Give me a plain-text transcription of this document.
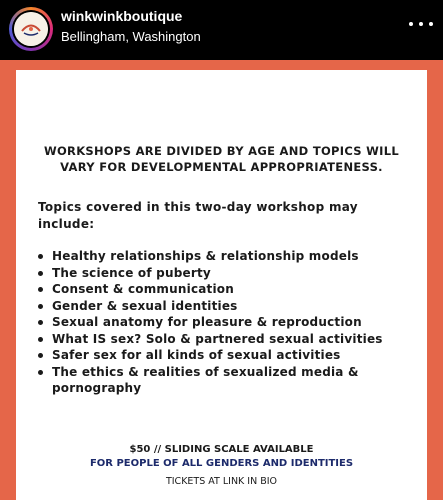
winkwinkboutique
Bellingham, Washington
WORKSHOPS ARE DIVIDED BY AGE AND TOPICS WILL
VARY FOR DEVELOPMENTAL APPROPRIATENESS.
Topics covered in this two-day workshop may
include:
Healthy relationships & relationship models
The science of puberty
Consent & communication
Gender & sexual identities
Sexual anatomy for pleasure & reproduction
What IS sex? Solo & partnered sexual activities
Safer sex for all kinds of sexual activities
The ethics & realities of sexualized media & pornography
$50 // SLIDING SCALE AVAILABLE
FOR PEOPLE OF ALL GENDERS AND IDENTITIES
TICKETS AT LINK IN BIO
